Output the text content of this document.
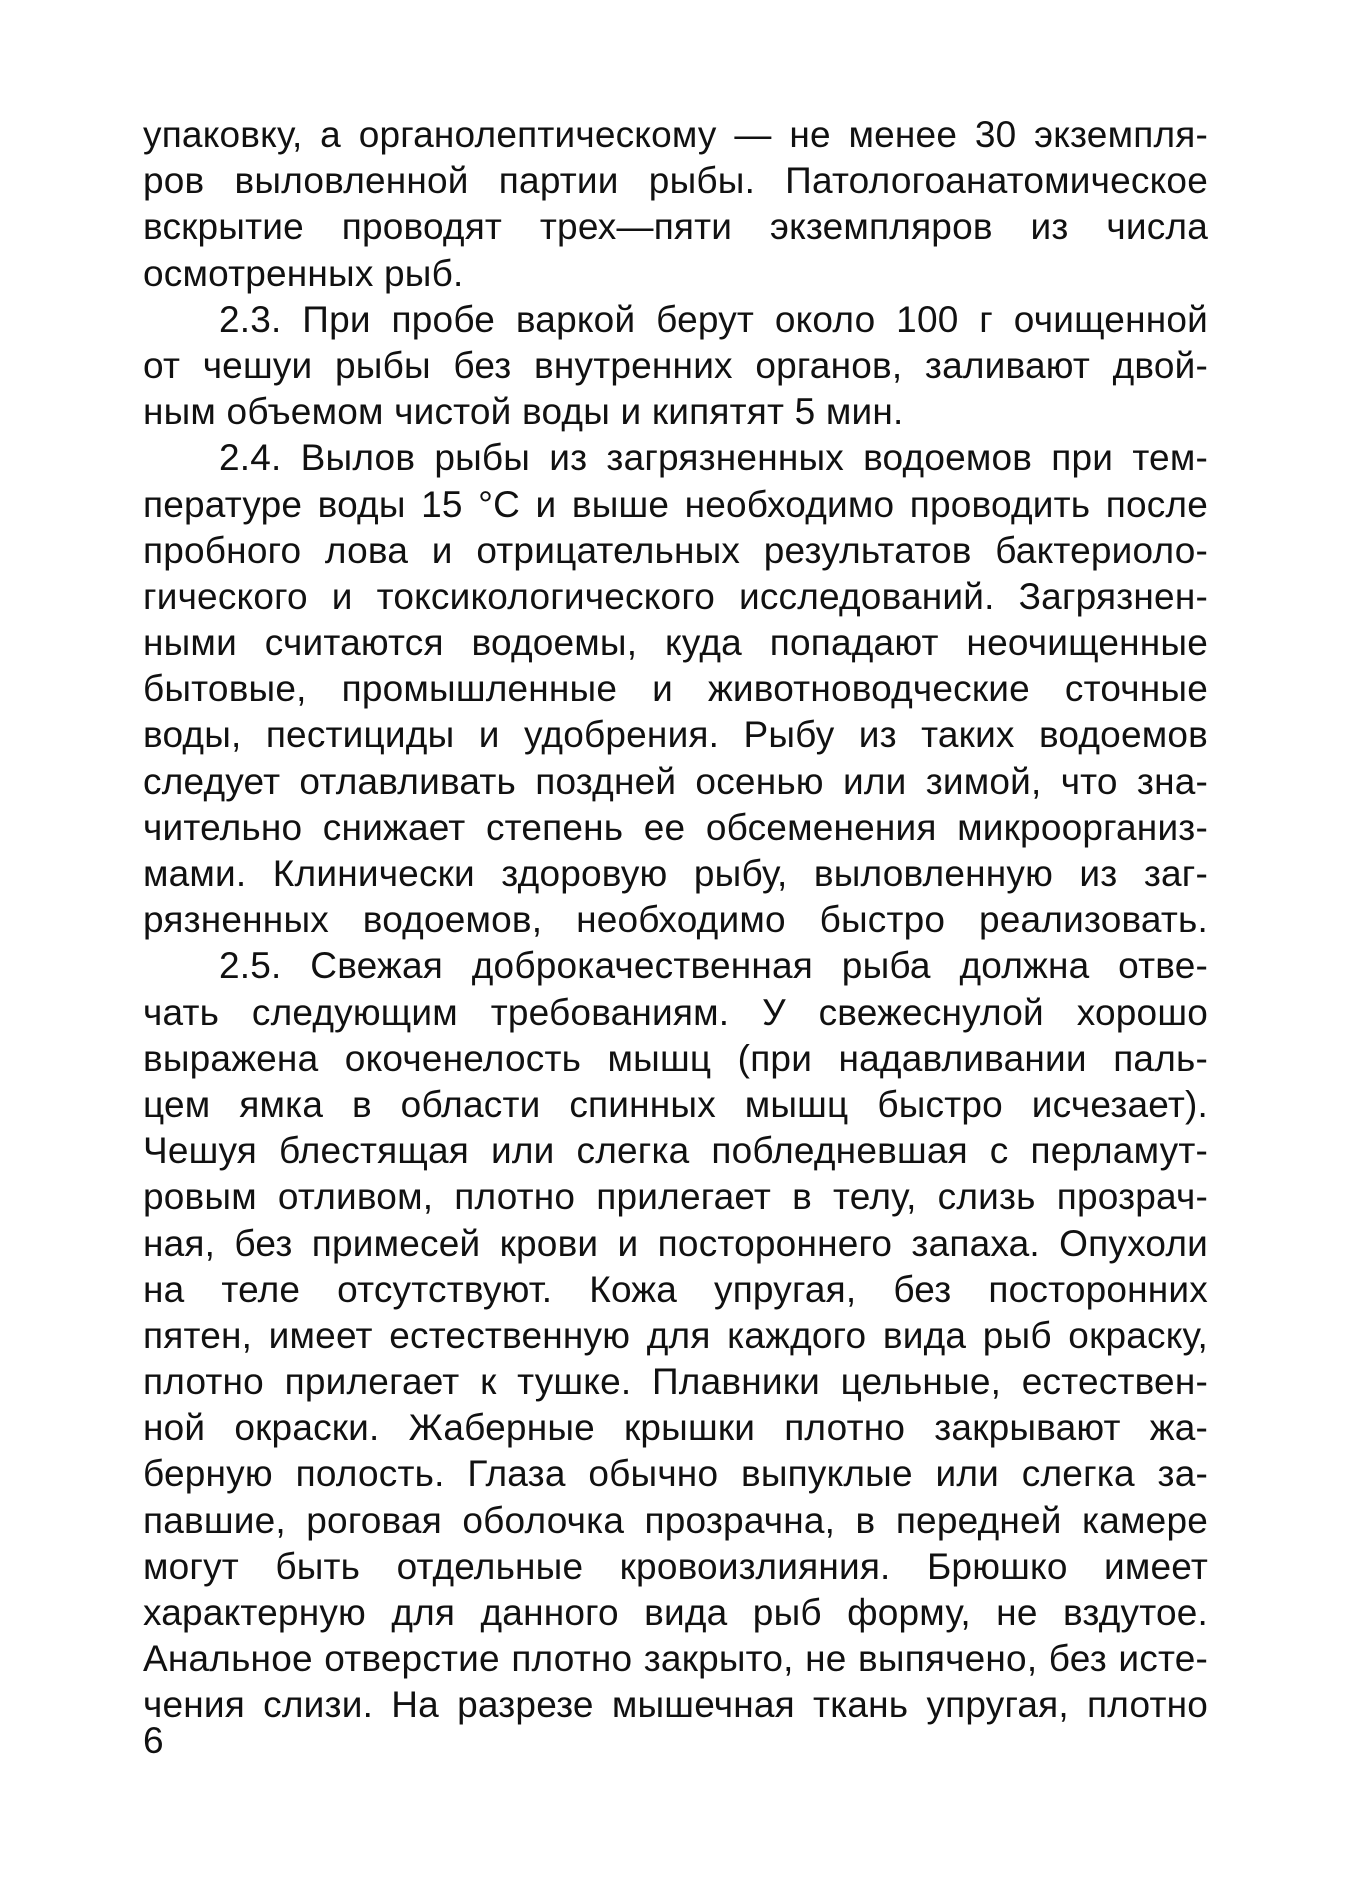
упаковку, а органолептическому — не менее 30 экземпля-
ров выловленной партии рыбы. Патологоанатомическое
вскрытие проводят трех—пяти экземпляров из числа
осмотренных рыб.
2.3. При пробе варкой берут около 100 г очищенной
от чешуи рыбы без внутренних органов, заливают двой-
ным объемом чистой воды и кипятят 5 мин.
2.4. Вылов рыбы из загрязненных водоемов при тем-
пературе воды 15 °С и выше необходимо проводить после
пробного лова и отрицательных результатов бактериоло-
гического и токсикологического исследований. Загрязнен-
ными считаются водоемы, куда попадают неочищенные
бытовые, промышленные и животноводческие сточные
воды, пестициды и удобрения. Рыбу из таких водоемов
следует отлавливать поздней осенью или зимой, что зна-
чительно снижает степень ее обсеменения микроорганиз-
мами. Клинически здоровую рыбу, выловленную из заг-
рязненных водоемов, необходимо быстро реализовать.
2.5. Свежая доброкачественная рыба должна отве-
чать следующим требованиям. У свежеснулой хорошо
выражена окоченелость мышц (при надавливании паль-
цем ямка в области спинных мышц быстро исчезает).
Чешуя блестящая или слегка побледневшая с перламут-
ровым отливом, плотно прилегает в телу, слизь прозрач-
ная, без примесей крови и постороннего запаха. Опухоли
на теле отсутствуют. Кожа упругая, без посторонних
пятен, имеет естественную для каждого вида рыб окраску,
плотно прилегает к тушке. Плавники цельные, естествен-
ной окраски. Жаберные крышки плотно закрывают жа-
берную полость. Глаза обычно выпуклые или слегка за-
павшие, роговая оболочка прозрачна, в передней камере
могут быть отдельные кровоизлияния. Брюшко имеет
характерную для данного вида рыб форму, не вздутое.
Анальное отверстие плотно закрыто, не выпячено, без исте-
чения слизи. На разрезе мышечная ткань упругая, плотно
6
